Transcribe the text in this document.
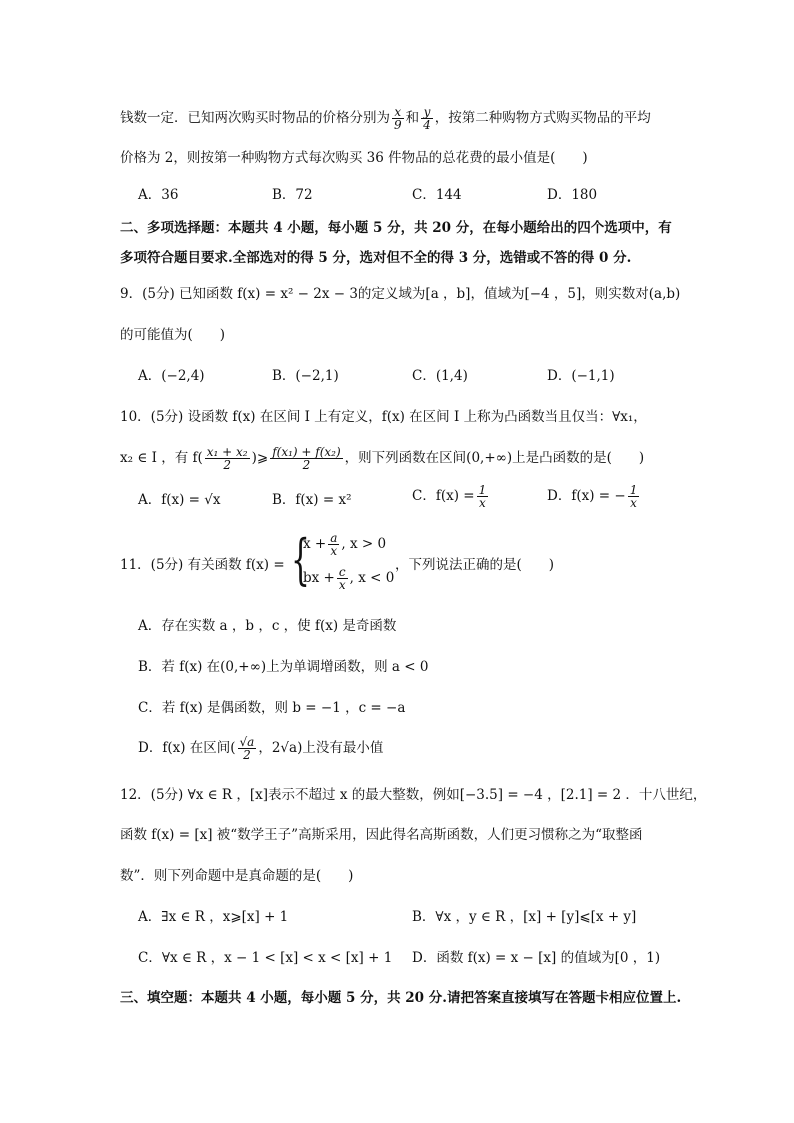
钱数一定．已知两次购买时物品的价格分别为 $\frac{x}{9}$ 和 $\frac{y}{4}$ ，按第二种购物方式购买物品的平均
价格为 2，则按第一种购物方式每次购买 36 件物品的总花费的最小值是(　　)
A．36	B．72	C．144	D．180
二、多项选择题：本题共 4 小题，每小题 5 分，共 20 分，在每小题给出的四个选项中，有
多项符合题目要求.全部选对的得 5 分，选对但不全的得 3 分，选错或不答的得 0 分.
9．(5分) 已知函数 f(x) = x² − 2x − 3的定义域为[a ，b]，值域为[−4 ，5]，则实数对(a,b)
的可能值为(　　)
A．(−2,4)	B．(−2,1)	C．(1,4)	D．(−1,1)
10．(5分) 设函数 f(x) 在区间 I 上有定义，f(x) 在区间 I 上称为凸函数当且仅当：∀x₁，
x₂ ∈ I ，有 $f( \frac{\text{x₁ + x₂}}{2}$ )⩾ $\frac{\text{f(x₁) + f(x₂)}}{2}$ ，则下列函数在区间(0,+∞)上是凸函数的是(　　)
A．f(x) = √x	B．f(x) = x²	C．$f(x) = \frac{1}{x}$	D．f(x) = − $\frac{1}{x}$
11．(5分) 有关函数 f(x) = {
$x + \frac{a}{x}$ , x > 0
bx + $\frac{c}{x}$ , x < 0
，下列说法正确的是(　　)
A．存在实数 a ，b ，c ，使 f(x) 是奇函数
B．若 f(x) 在(0,+∞)上为单调增函数，则 a < 0
C．若 f(x) 是偶函数，则 b = −1 ，c = −a
D．f(x) 在区间( $\frac{√a}{2}$ ，2√a)上没有最小值
12．(5分) ∀x ∈ R ，[x]表示不超过 x 的最大整数，例如[−3.5] = −4 ，[2.1] = 2 ．十八世纪，
函数 f(x) = [x] 被“数学王子”高斯采用，因此得名高斯函数，人们更习惯称之为“取整函
数”．则下列命题中是真命题的是(　　)
A．∃x ∈ R ，x⩾[x] + 1	B．∀x ，y ∈ R ，[x] + [y]⩽[x + y]
C．∀x ∈ R ，x − 1 < [x] < x < [x] + 1 D．函数 f(x) = x − [x] 的值域为[0 ，1)
三、填空题：本题共 4 小题，每小题 5 分，共 20 分.请把答案直接填写在答题卡相应位置上.
